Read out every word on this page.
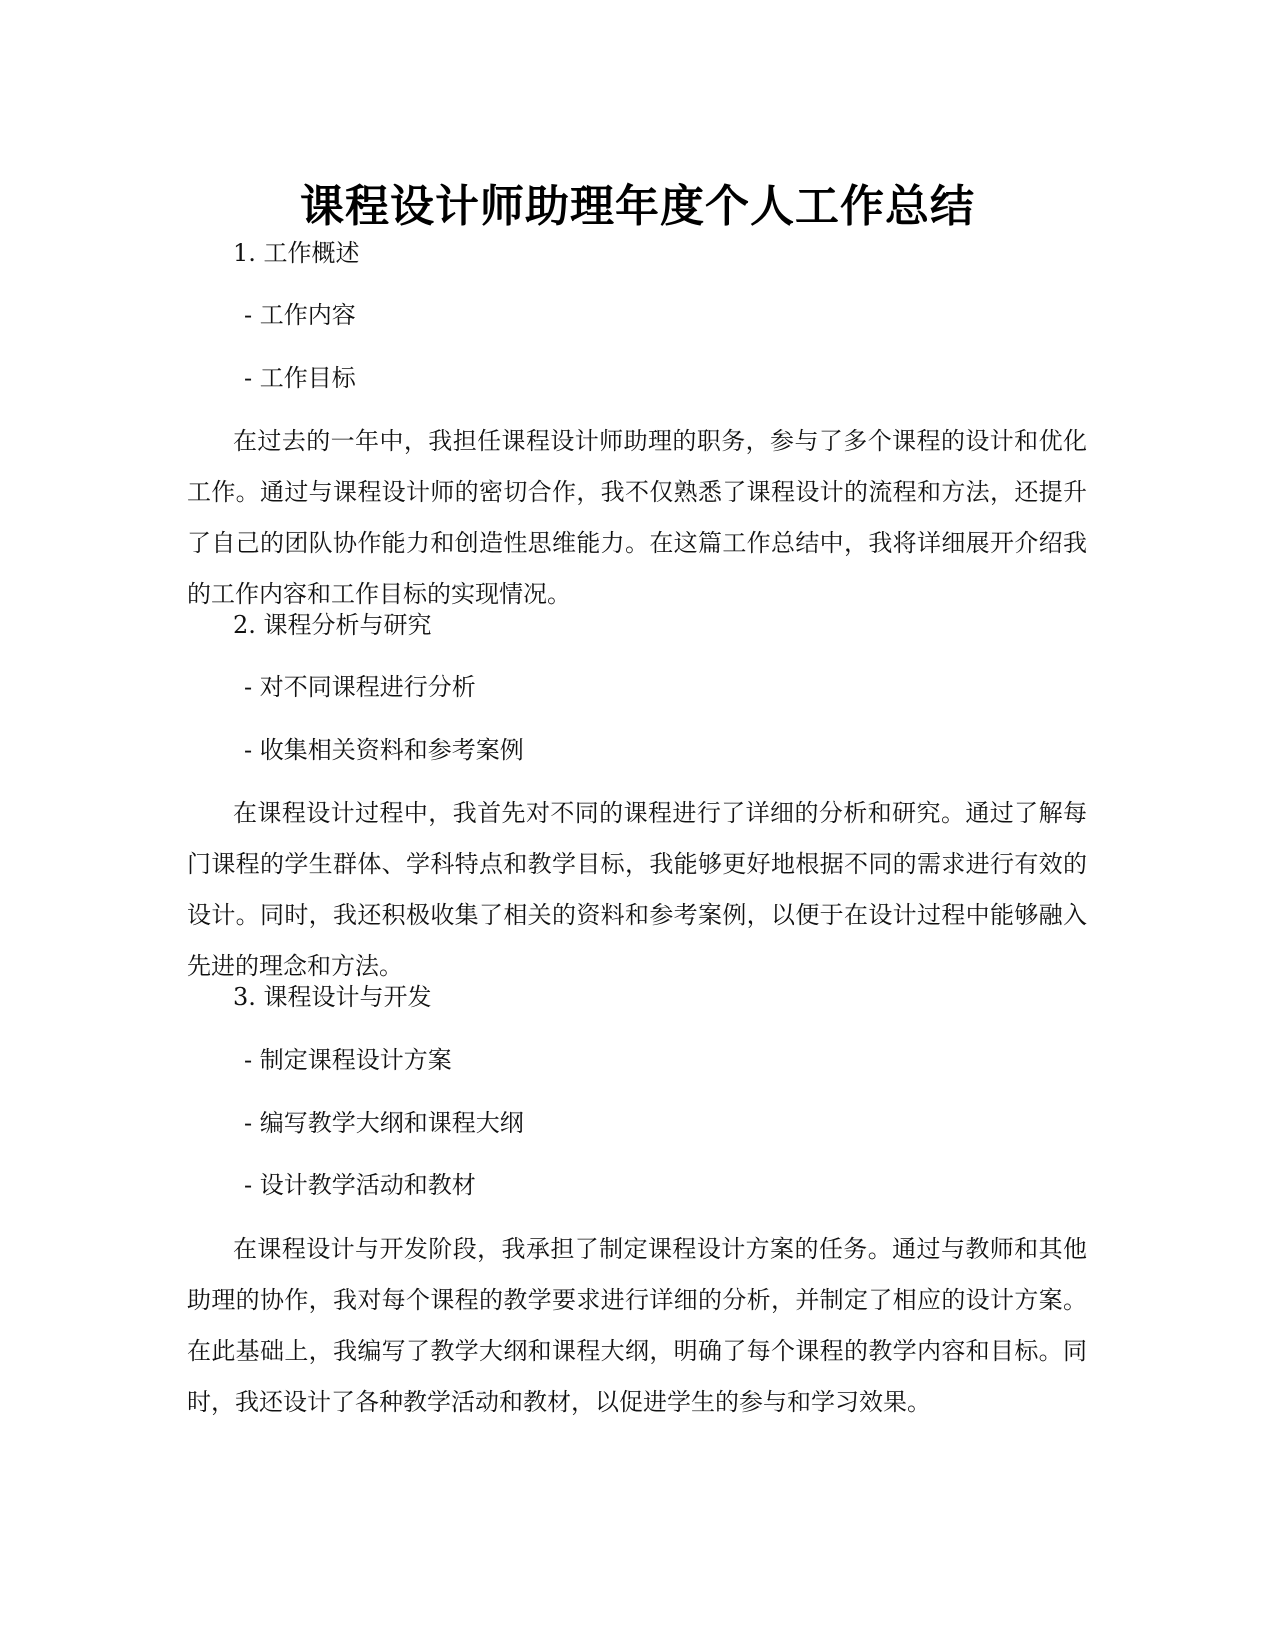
课程设计师助理年度个人工作总结

1. 工作概述

- 工作内容

- 工作目标

在过去的一年中，我担任课程设计师助理的职务，参与了多个课程的设计和优化工作。通过与课程设计师的密切合作，我不仅熟悉了课程设计的流程和方法，还提升了自己的团队协作能力和创造性思维能力。在这篇工作总结中，我将详细展开介绍我的工作内容和工作目标的实现情况。

2. 课程分析与研究

- 对不同课程进行分析

- 收集相关资料和参考案例

在课程设计过程中，我首先对不同的课程进行了详细的分析和研究。通过了解每门课程的学生群体、学科特点和教学目标，我能够更好地根据不同的需求进行有效的设计。同时，我还积极收集了相关的资料和参考案例，以便于在设计过程中能够融入先进的理念和方法。

3. 课程设计与开发

- 制定课程设计方案

- 编写教学大纲和课程大纲

- 设计教学活动和教材

在课程设计与开发阶段，我承担了制定课程设计方案的任务。通过与教师和其他助理的协作，我对每个课程的教学要求进行详细的分析，并制定了相应的设计方案。在此基础上，我编写了教学大纲和课程大纲，明确了每个课程的教学内容和目标。同时，我还设计了各种教学活动和教材，以促进学生的参与和学习效果。
